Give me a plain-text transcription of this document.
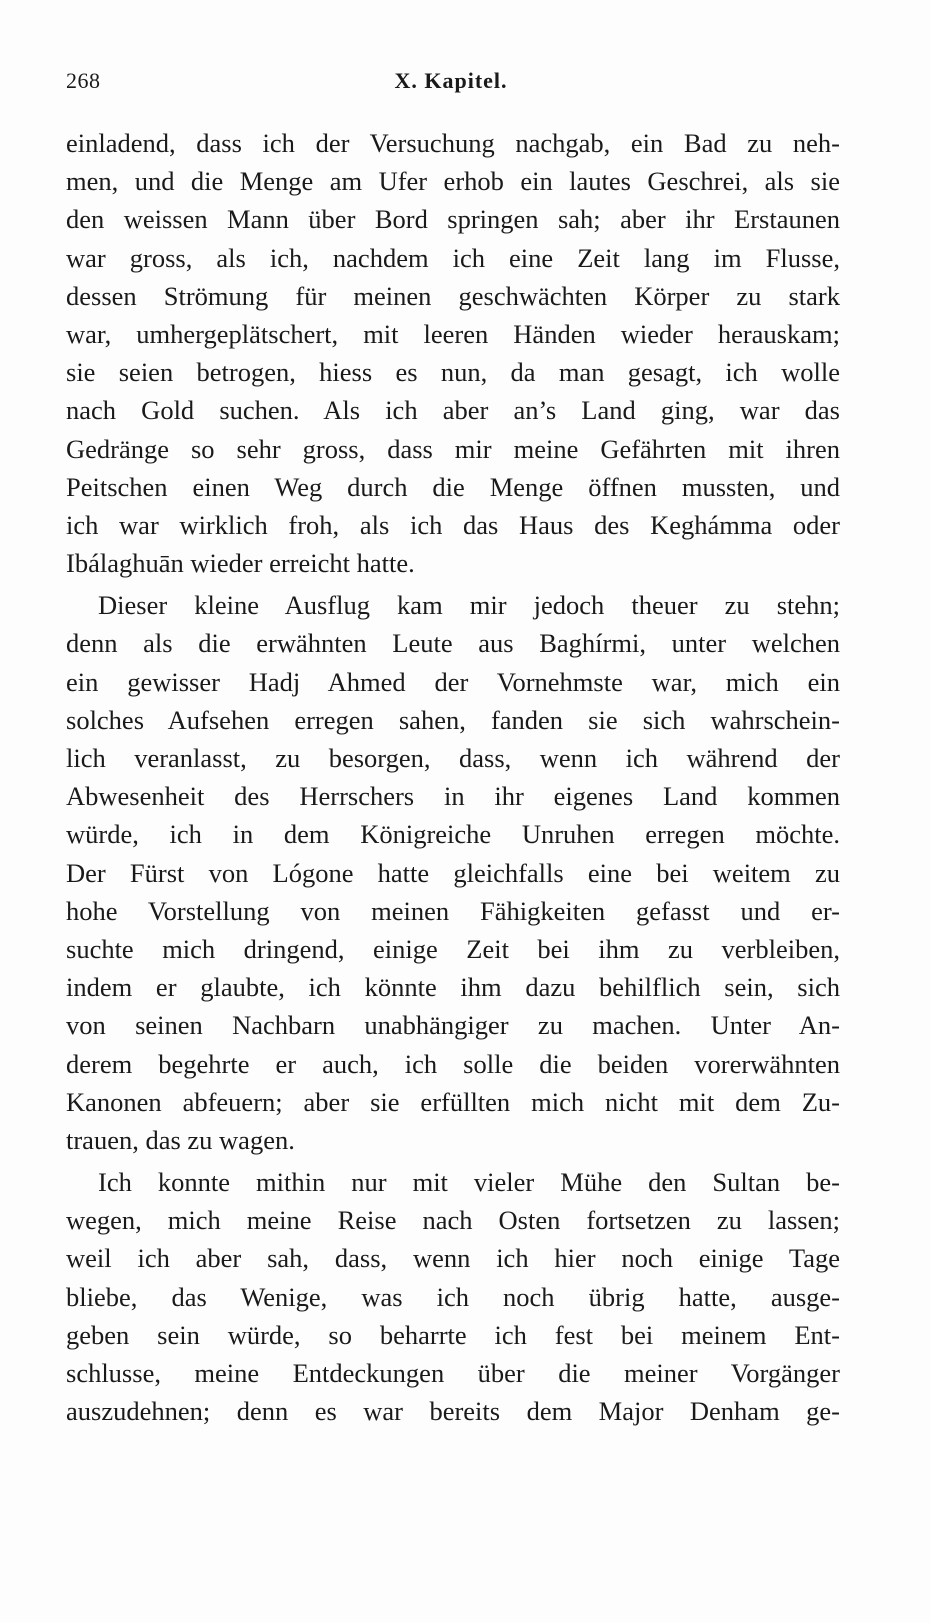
268	X. Kapitel.
einladend, dass ich der Versuchung nachgab, ein Bad zu neh-
men, und die Menge am Ufer erhob ein lautes Geschrei, als sie
den weissen Mann über Bord springen sah; aber ihr Erstaunen
war gross, als ich, nachdem ich eine Zeit lang im Flusse,
dessen Strömung für meinen geschwächten Körper zu stark
war, umhergeplätschert, mit leeren Händen wieder herauskam;
sie seien betrogen, hiess es nun, da man gesagt, ich wolle
nach Gold suchen. Als ich aber an’s Land ging, war das
Gedränge so sehr gross, dass mir meine Gefährten mit ihren
Peitschen einen Weg durch die Menge öffnen mussten, und
ich war wirklich froh, als ich das Haus des Keghámma oder
Ibálaghuān wieder erreicht hatte.
Dieser kleine Ausflug kam mir jedoch theuer zu stehn;
denn als die erwähnten Leute aus Baghírmi, unter welchen
ein gewisser Hadj Ahmed der Vornehmste war, mich ein
solches Aufsehen erregen sahen, fanden sie sich wahrschein-
lich veranlasst, zu besorgen, dass, wenn ich während der
Abwesenheit des Herrschers in ihr eigenes Land kommen
würde, ich in dem Königreiche Unruhen erregen möchte.
Der Fürst von Lógone hatte gleichfalls eine bei weitem zu
hohe Vorstellung von meinen Fähigkeiten gefasst und er-
suchte mich dringend, einige Zeit bei ihm zu verbleiben,
indem er glaubte, ich könnte ihm dazu behilflich sein, sich
von seinen Nachbarn unabhängiger zu machen. Unter An-
derem begehrte er auch, ich solle die beiden vorerwähnten
Kanonen abfeuern; aber sie erfüllten mich nicht mit dem Zu-
trauen, das zu wagen.
Ich konnte mithin nur mit vieler Mühe den Sultan be-
wegen, mich meine Reise nach Osten fortsetzen zu lassen;
weil ich aber sah, dass, wenn ich hier noch einige Tage
bliebe, das Wenige, was ich noch übrig hatte, ausge-
geben sein würde, so beharrte ich fest bei meinem Ent-
schlusse, meine Entdeckungen über die meiner Vorgänger
auszudehnen; denn es war bereits dem Major Denham ge-
